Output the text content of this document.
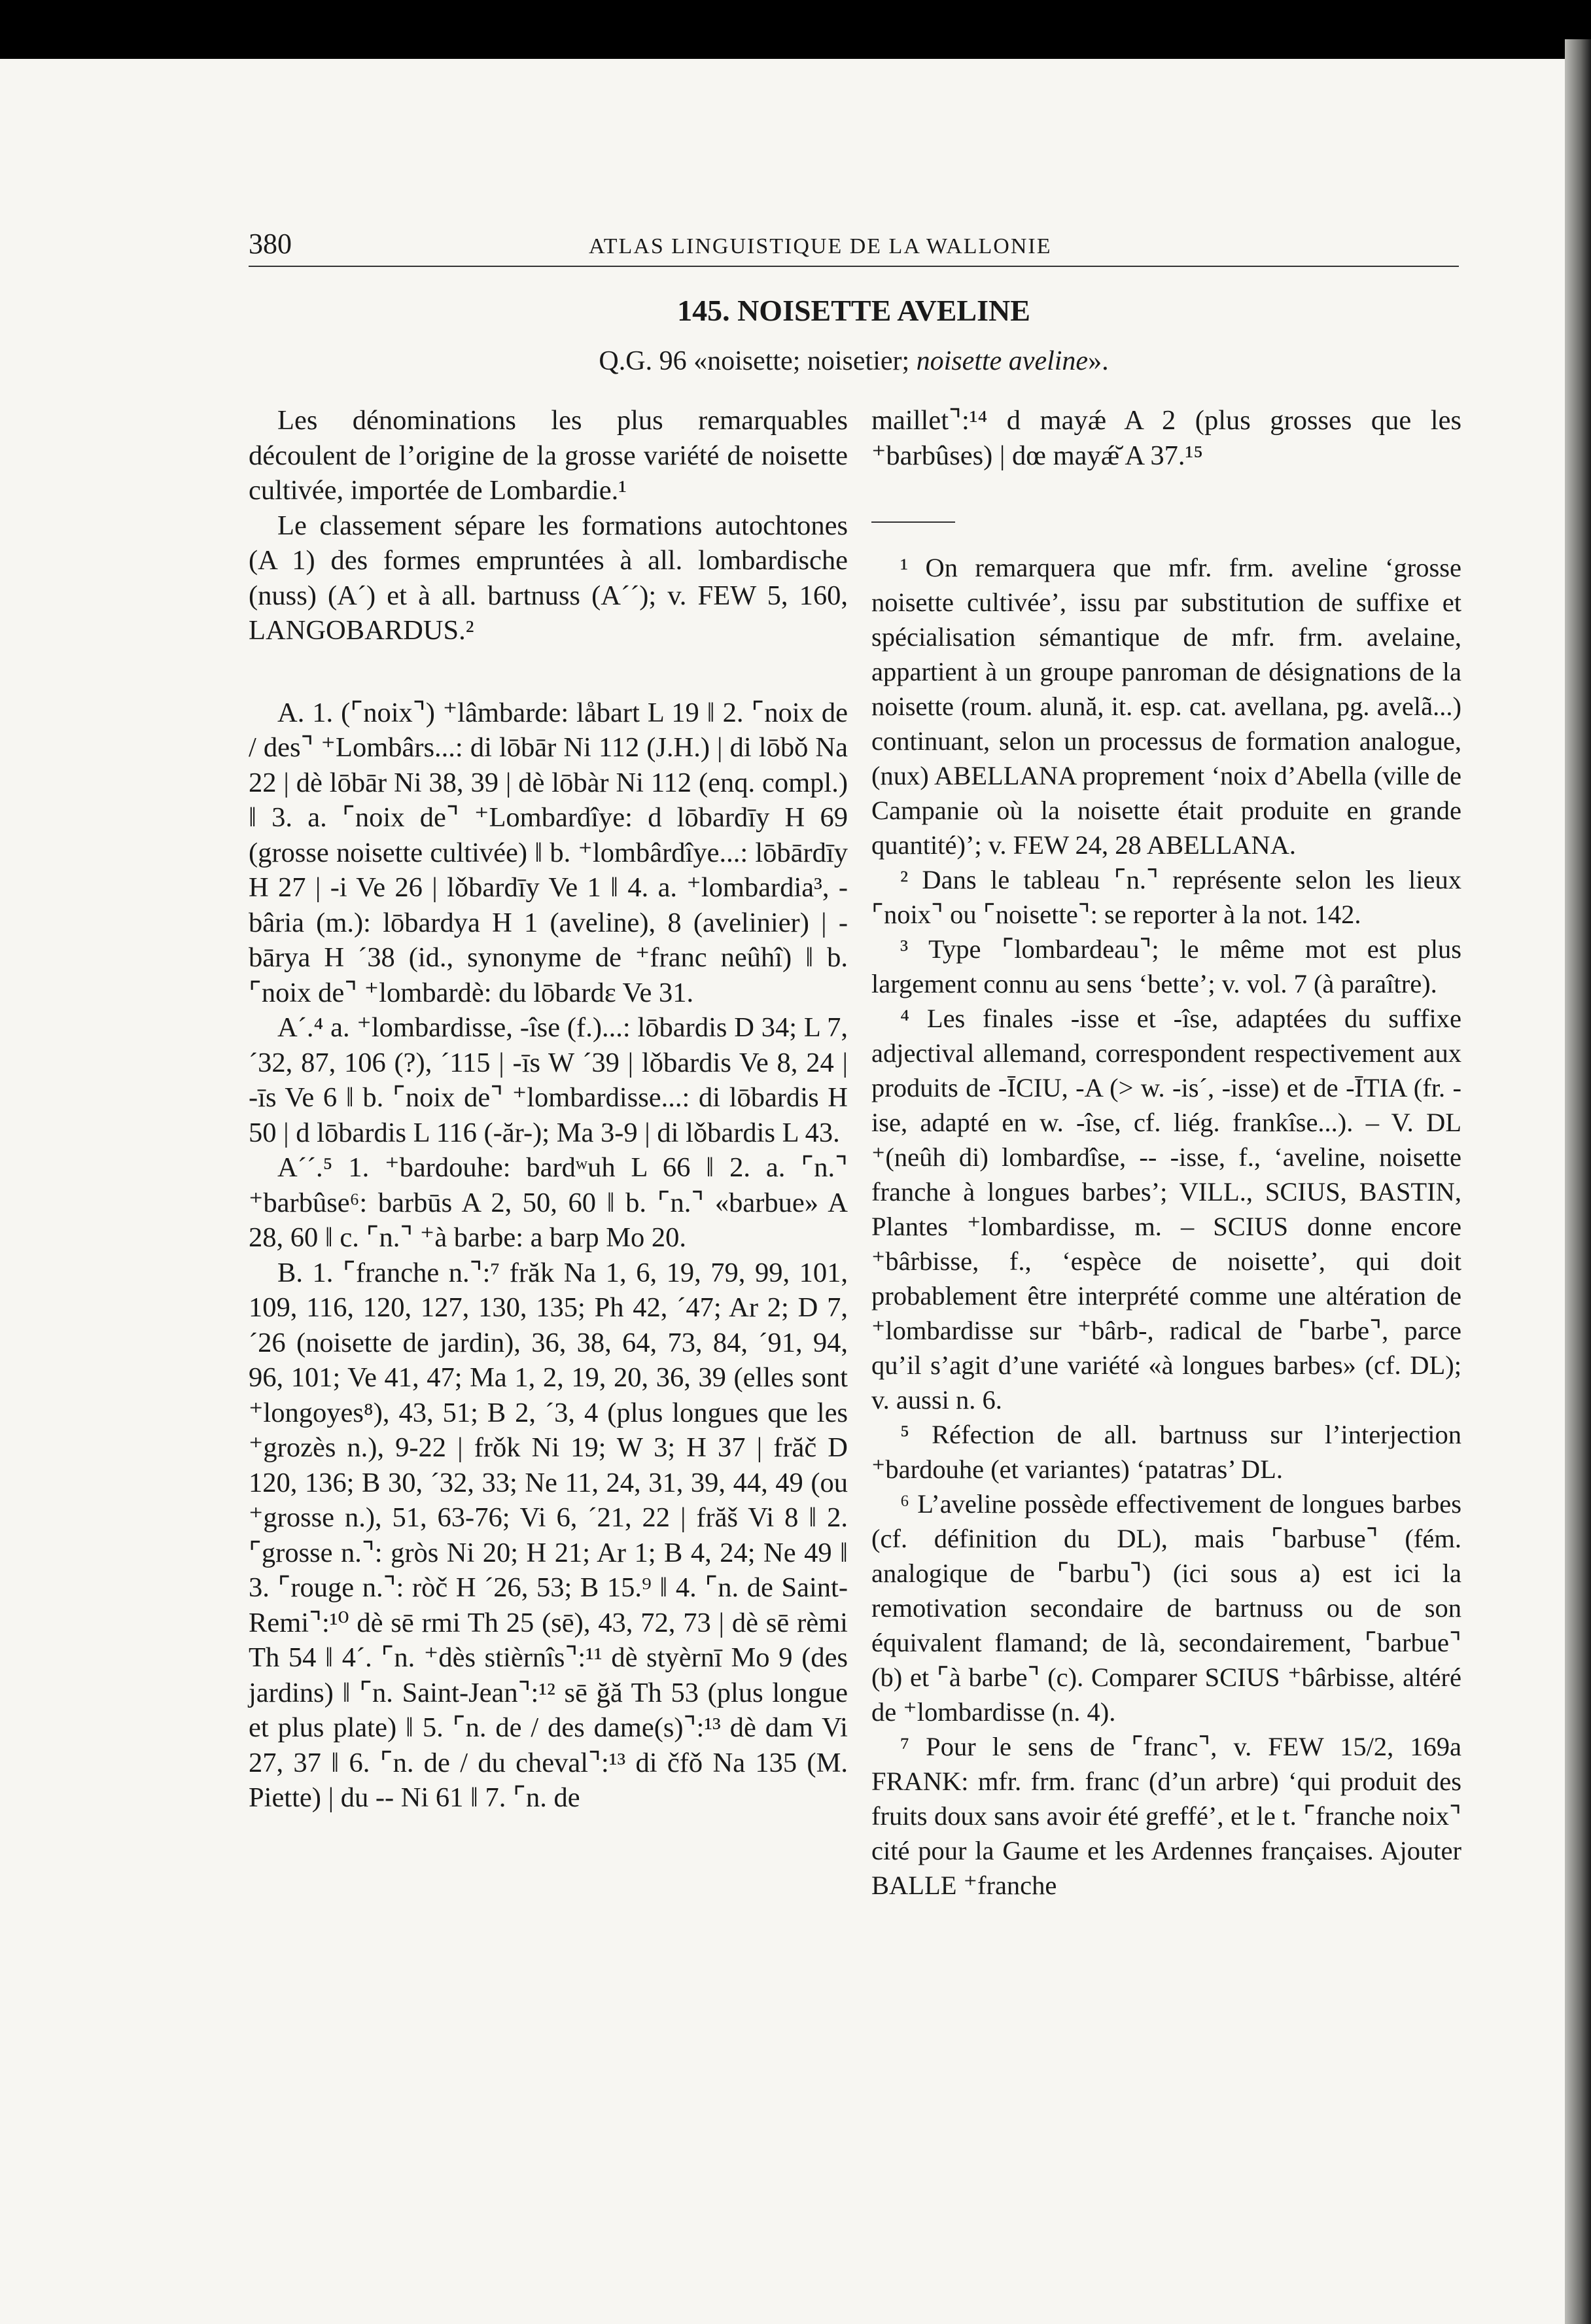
380	ATLAS LINGUISTIQUE DE LA WALLONIE
145. NOISETTE AVELINE
Q.G. 96 «noisette; noisetier; noisette aveline».

Les dénominations les plus remarquables découlent de l’origine de la grosse variété de noisette cultivée, importée de Lombardie.¹

Le classement sépare les formations autochtones (A 1) des formes empruntées à all. lombardische (nuss) (A´) et à all. bartnuss (A´´); v. FEW 5, 160, LANGOBARDUS.²

A. 1. (⌜noix⌝) ⁺lâmbarde: låbart L 19 ‖ 2. ⌜noix de / des⌝ ⁺Lombârs...: di lōbār Ni 112 (J.H.) | di lōbǒ Na 22 | dè lōbār Ni 38, 39 | dè lōbàr Ni 112 (enq. compl.) ‖ 3. a. ⌜noix de⌝ ⁺Lombardîye: d lōbardīy H 69 (grosse noisette cultivée) ‖ b. ⁺lombârdîye...: lōbārdīy H 27 | -i Ve 26 | lǒbardīy Ve 1 ‖ 4. a. ⁺lombardia³, -bâria (m.): lōbardya H 1 (aveline), 8 (avelinier) | -bārya H ´38 (id., synonyme de ⁺franc neûhî) ‖ b. ⌜noix de⌝ ⁺lombardè: du lōbardɛ Ve 31.

A´.⁴ a. ⁺lombardisse, -îse (f.)...: lōbardis D 34; L 7, ´32, 87, 106 (?), ´115 | -īs W ´39 | lǒbardis Ve 8, 24 | -īs Ve 6 ‖ b. ⌜noix de⌝ ⁺lombardisse...: di lōbardis H 50 | d lōbardis L 116 (-ăr-); Ma 3-9 | di lǒbardis L 43.

A´´.⁵ 1. ⁺bardouhe: bardʷuh L 66 ‖ 2. a. ⌜n.⌝ ⁺barbûse⁶: barbūs A 2, 50, 60 ‖ b. ⌜n.⌝ «barbue» A 28, 60 ‖ c. ⌜n.⌝ ⁺à barbe: a barp Mo 20.

B. 1. ⌜franche n.⌝:⁷ frăk Na 1, 6, 19, 79, 99, 101, 109, 116, 120, 127, 130, 135; Ph 42, ´47; Ar 2; D 7, ´26 (noisette de jardin), 36, 38, 64, 73, 84, ´91, 94, 96, 101; Ve 41, 47; Ma 1, 2, 19, 20, 36, 39 (elles sont ⁺longoyes⁸), 43, 51; B 2, ´3, 4 (plus longues que les ⁺grozès n.), 9-22 | frǒk Ni 19; W 3; H 37 | frăč D 120, 136; B 30, ´32, 33; Ne 11, 24, 31, 39, 44, 49 (ou ⁺grosse n.), 51, 63-76; Vi 6, ´21, 22 | frăš Vi 8 ‖ 2. ⌜grosse n.⌝: gròs Ni 20; H 21; Ar 1; B 4, 24; Ne 49 ‖ 3. ⌜rouge n.⌝: ròč H ´26, 53; B 15.⁹ ‖ 4. ⌜n. de Saint-Remi⌝:¹⁰ dè sē rmi Th 25 (sē), 43, 72, 73 | dè sē rèmi Th 54 ‖ 4´. ⌜n. ⁺dès stièrnîs⌝:¹¹ dè styèrnī Mo 9 (des jardins) ‖ ⌜n. Saint-Jean⌝:¹² sē ğă Th 53 (plus longue et plus plate) ‖ 5. ⌜n. de / des dame(s)⌝:¹³ dè dam Vi 27, 37 ‖ 6. ⌜n. de / du cheval⌝:¹³ di čfǒ Na 135 (M. Piette) | du -- Ni 61 ‖ 7. ⌜n. de

maillet⌝:¹⁴ d mayǽ A 2 (plus grosses que les ⁺barbûses) | dœ mayǽ̆ A 37.¹⁵

¹ On remarquera que mfr. frm. aveline ‘grosse noisette cultivée’, issu par substitution de suffixe et spécialisation sémantique de mfr. frm. avelaine, appartient à un groupe panroman de désignations de la noisette (roum. alună, it. esp. cat. avellana, pg. avelã...) continuant, selon un processus de formation analogue, (nux) ABELLANA proprement ‘noix d’Abella (ville de Campanie où la noisette était produite en grande quantité)’; v. FEW 24, 28 ABELLANA.

² Dans le tableau ⌜n.⌝ représente selon les lieux ⌜noix⌝ ou ⌜noisette⌝: se reporter à la not. 142.

³ Type ⌜lombardeau⌝; le même mot est plus largement connu au sens ‘bette’; v. vol. 7 (à paraître).

⁴ Les finales -isse et -îse, adaptées du suffixe adjectival allemand, correspondent respectivement aux produits de -ĪCIU, -A (> w. -is´, -isse) et de -ĪTIA (fr. -ise, adapté en w. -îse, cf. liég. frankîse...). – V. DL ⁺(neûh di) lombardîse, -- -isse, f., ‘aveline, noisette franche à longues barbes’; VILL., SCIUS, BASTIN, Plantes ⁺lombardisse, m. – SCIUS donne encore ⁺bârbisse, f., ‘espèce de noisette’, qui doit probablement être interprété comme une altération de ⁺lombardisse sur ⁺bârb-, radical de ⌜barbe⌝, parce qu’il s’agit d’une variété «à longues barbes» (cf. DL); v. aussi n. 6.

⁵ Réfection de all. bartnuss sur l’interjection ⁺bardouhe (et variantes) ‘patatras’ DL.

⁶ L’aveline possède effectivement de longues barbes (cf. définition du DL), mais ⌜barbuse⌝ (fém. analogique de ⌜barbu⌝) (ici sous a) est ici la remotivation secondaire de bartnuss ou de son équivalent flamand; de là, secondairement, ⌜barbue⌝ (b) et ⌜à barbe⌝ (c). Comparer SCIUS ⁺bârbisse, altéré de ⁺lombardisse (n. 4).

⁷ Pour le sens de ⌜franc⌝, v. FEW 15/2, 169a FRANK: mfr. frm. franc (d’un arbre) ‘qui produit des fruits doux sans avoir été greffé’, et le t. ⌜franche noix⌝ cité pour la Gaume et les Ardennes françaises. Ajouter BALLE ⁺franche
